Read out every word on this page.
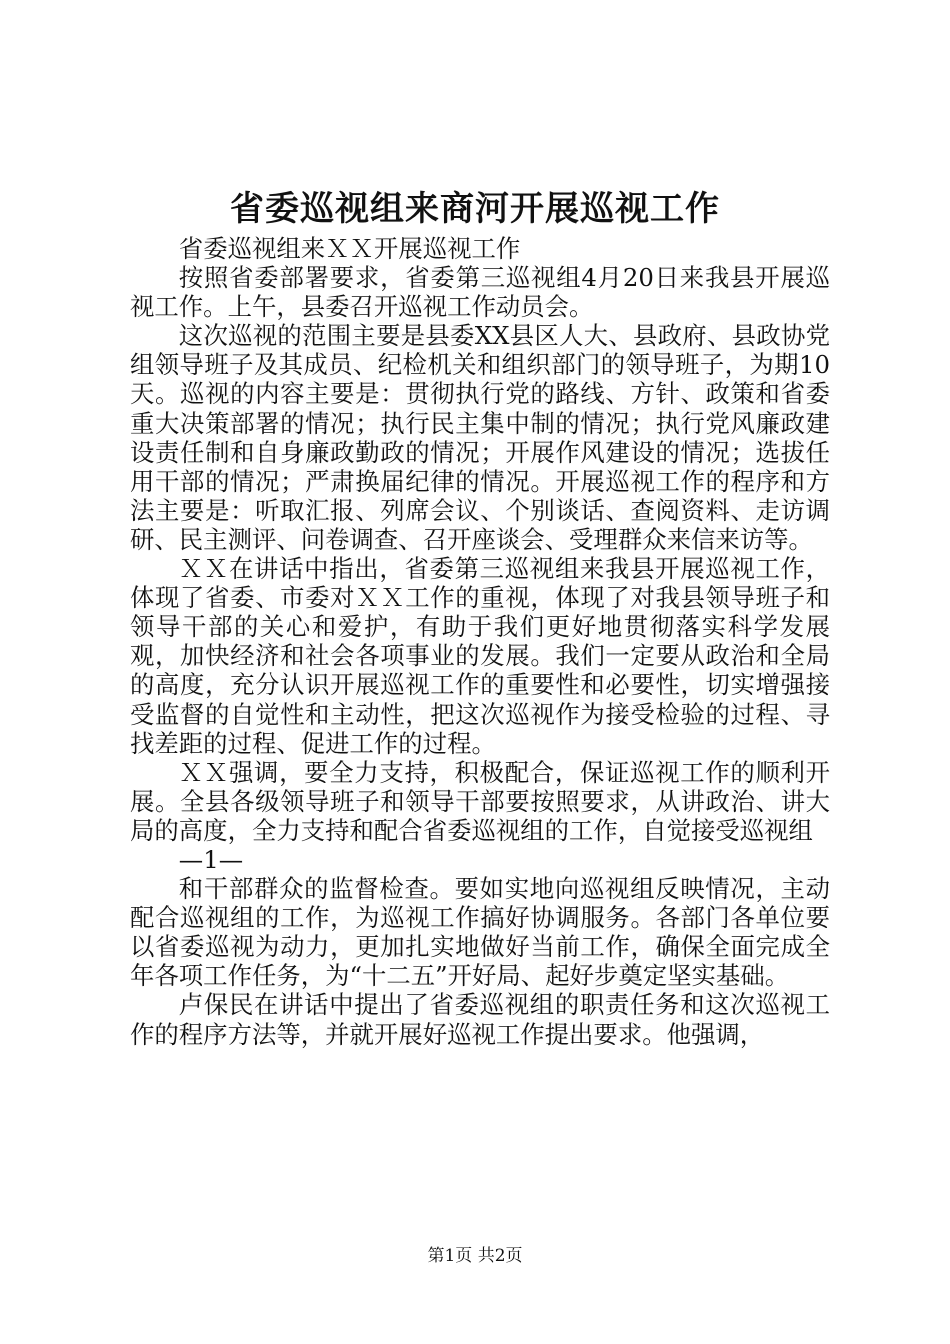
省委巡视组来商河开展巡视工作

省委巡视组来ＸＸ开展巡视工作

按照省委部署要求，省委第三巡视组4月20日来我县开展巡视工作。上午，县委召开巡视工作动员会。

这次巡视的范围主要是县委XX县区人大、县政府、县政协党组领导班子及其成员、纪检机关和组织部门的领导班子，为期10天。巡视的内容主要是：贯彻执行党的路线、方针、政策和省委重大决策部署的情况；执行民主集中制的情况；执行党风廉政建设责任制和自身廉政勤政的情况；开展作风建设的情况；选拔任用干部的情况；严肃换届纪律的情况。开展巡视工作的程序和方法主要是：听取汇报、列席会议、个别谈话、查阅资料、走访调研、民主测评、问卷调查、召开座谈会、受理群众来信来访等。

ＸＸ在讲话中指出，省委第三巡视组来我县开展巡视工作，体现了省委、市委对ＸＸ工作的重视，体现了对我县领导班子和领导干部的关心和爱护，有助于我们更好地贯彻落实科学发展观，加快经济和社会各项事业的发展。我们一定要从政治和全局的高度，充分认识开展巡视工作的重要性和必要性，切实增强接受监督的自觉性和主动性，把这次巡视作为接受检验的过程、寻找差距的过程、促进工作的过程。

ＸＸ强调，要全力支持，积极配合，保证巡视工作的顺利开展。全县各级领导班子和领导干部要按照要求，从讲政治、讲大局的高度，全力支持和配合省委巡视组的工作，自觉接受巡视组

—1—

和干部群众的监督检查。要如实地向巡视组反映情况，主动配合巡视组的工作，为巡视工作搞好协调服务。各部门各单位要以省委巡视为动力，更加扎实地做好当前工作，确保全面完成全年各项工作任务，为“十二五”开好局、起好步奠定坚实基础。

卢保民在讲话中提出了省委巡视组的职责任务和这次巡视工作的程序方法等，并就开展好巡视工作提出要求。他强调，

第1页 共2页
